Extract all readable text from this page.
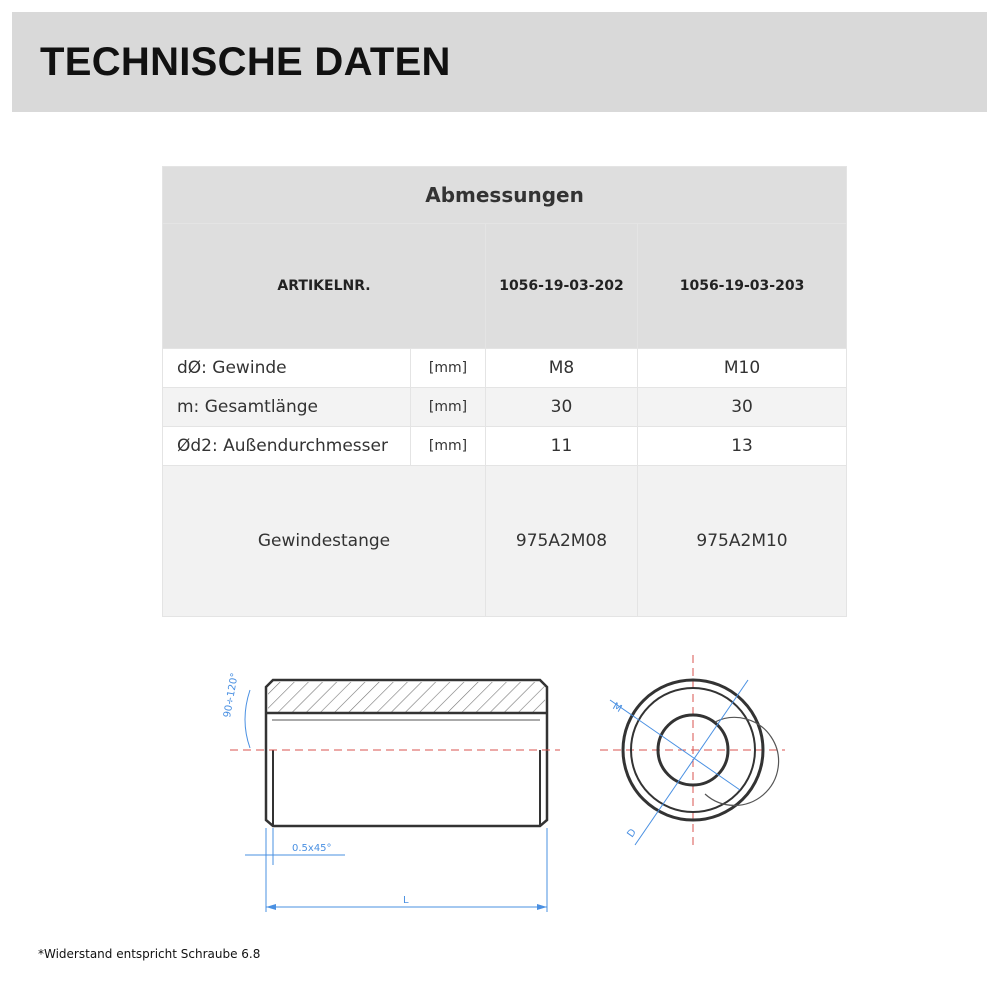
TECHNISCHE DATEN
Abmessungen			
ARTIKELNR.		1056-19-03-202	1056-19-03-203
dØ: Gewinde	[mm]	M8	M10
m: Gesamtlänge	[mm]	30	30
Ød2: Außendurchmesser	[mm]	11	13
Gewindestange		975A2M08	975A2M10
90÷120°
0.5x45°
L
M
D
*Widerstand entspricht Schraube 6.8
